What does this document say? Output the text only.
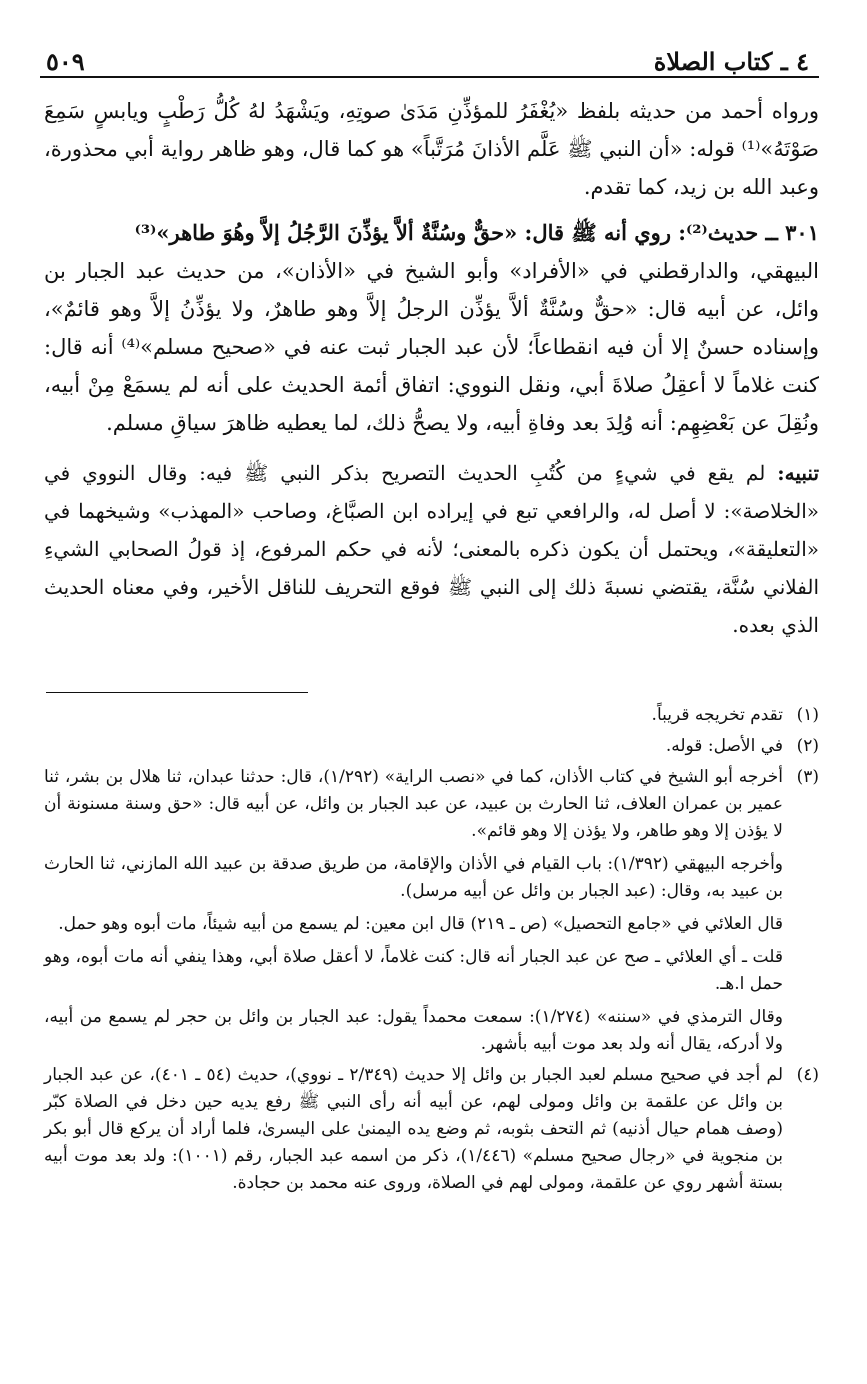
٤ ـ كتاب الصلاة
٥٠٩

ورواه أحمد من حديثه بلفظ «يُغْفَرُ للمؤذِّنِ مَدَىٰ صوتِهِ، ويَشْهَدُ لهُ كُلُّ رَطْبٍ ويابسٍ سَمِعَ صَوْتَهُ»⁽¹⁾ قوله: «أن النبي ﷺ عَلَّم الأذانَ مُرَتَّباً» هو كما قال، وهو ظاهر رواية أبي محذورة، وعبد الله بن زيد، كما تقدم.

٣٠١ ــ حديث⁽²⁾: روي أنه ﷺ قال: «حقٌّ وسُنَّةٌ ألاَّ يؤذِّنَ الرَّجُلُ إلاَّ وهُوَ طاهر»⁽³⁾

البيهقي، والدارقطني في «الأفراد» وأبو الشيخ في «الأذان»، من حديث عبد الجبار بن وائل، عن أبيه قال: «حقٌّ وسُنَّةٌ ألاَّ يؤذِّن الرجلُ إلاَّ وهو طاهرٌ، ولا يؤذِّنُ إلاَّ وهو قائمٌ»، وإسناده حسنٌ إلا أن فيه انقطاعاً؛ لأن عبد الجبار ثبت عنه في «صحيح مسلم»⁽⁴⁾ أنه قال: كنت غلاماً لا أعقِلُ صلاةَ أبي، ونقل النووي: اتفاق أئمة الحديث على أنه لم يسمَعْ مِنْ أبيه، ونُقِلَ عن بَعْضِهِم: أنه وُلِدَ بعد وفاةِ أبيه، ولا يصحُّ ذلك، لما يعطيه ظاهرَ سياقِ مسلم.

تنبيه: لم يقع في شيءٍ من كُتُبِ الحديث التصريح بذكر النبي ﷺ فيه: وقال النووي في «الخلاصة»: لا أصل له، والرافعي تبع في إيراده ابن الصبَّاغ، وصاحب «المهذب» وشيخهما في «التعليقة»، ويحتمل أن يكون ذكره بالمعنى؛ لأنه في حكم المرفوع، إذ قولُ الصحابي الشيءِ الفلاني سُنَّة، يقتضي نسبةَ ذلك إلى النبي ﷺ فوقع التحريف للناقل الأخير، وفي معناه الحديث الذي بعده.

(١)

تقدم تخريجه قريباً.

(٢)

في الأصل: قوله.

(٣)

أخرجه أبو الشيخ في كتاب الأذان، كما في «نصب الراية» (١/٢٩٢)، قال: حدثنا عبدان، ثنا هلال بن بشر، ثنا عمير بن عمران العلاف، ثنا الحارث بن عبيد، عن عبد الجبار بن وائل، عن أبيه قال: «حق وسنة مسنونة أن لا يؤذن إلا وهو طاهر، ولا يؤذن إلا وهو قائم».

وأخرجه البيهقي (١/٣٩٢): باب القيام في الأذان والإقامة، من طريق صدقة بن عبيد الله المازني، ثنا الحارث بن عبيد به، وقال: (عبد الجبار بن وائل عن أبيه مرسل).

قال العلائي في «جامع التحصيل» (ص ـ ٢١٩) قال ابن معين: لم يسمع من أبيه شيئاً، مات أبوه وهو حمل.

قلت ـ أي العلائي ـ صح عن عبد الجبار أنه قال: كنت غلاماً، لا أعقل صلاة أبي، وهذا ينفي أنه مات أبوه، وهو حمل ا.هـ.

وقال الترمذي في «سننه» (١/٢٧٤): سمعت محمداً يقول: عبد الجبار بن وائل بن حجر لم يسمع من أبيه، ولا أدركه، يقال أنه ولد بعد موت أبيه بأشهر.

(٤)

لم أجد في صحيح مسلم لعبد الجبار بن وائل إلا حديث (٢/٣٤٩ ـ نووي)، حديث (٥٤ ـ ٤٠١)، عن عبد الجبار بن وائل عن علقمة بن وائل ومولى لهم، عن أبيه أنه رأى النبي ﷺ رفع يديه حين دخل في الصلاة كبّر (وصف همام حيال أذنيه) ثم التحف بثوبه، ثم وضع يده اليمنىٰ على اليسرىٰ، فلما أراد أن يركع قال أبو بكر بن منجوية في «رجال صحيح مسلم» (١/٤٤٦)، ذكر من اسمه عبد الجبار، رقم (١٠٠١): ولد بعد موت أبيه بستة أشهر روي عن علقمة، ومولى لهم في الصلاة، وروى عنه محمد بن حجادة.
